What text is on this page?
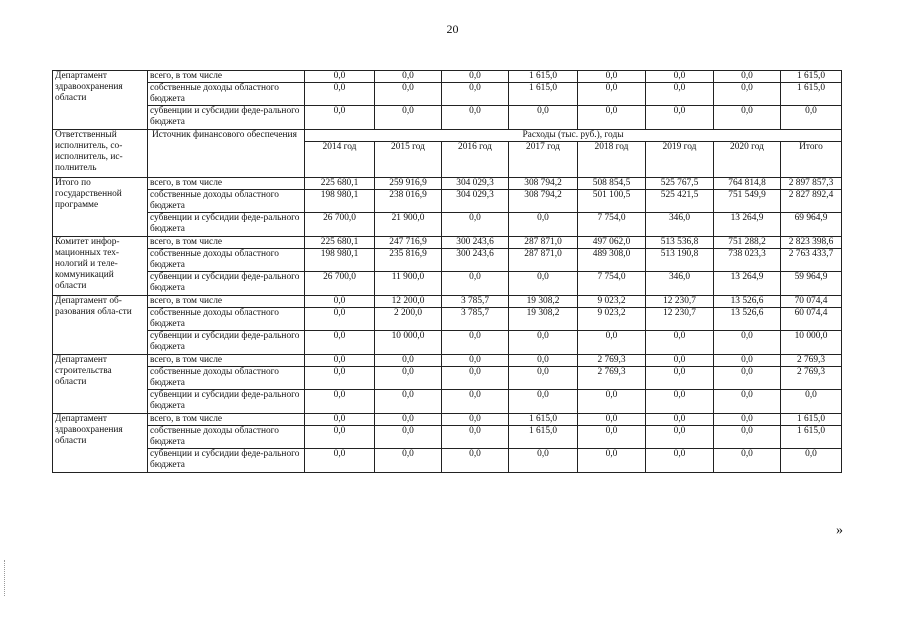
20
Департамент здравоохранения области	всего, в том числе	0,0	0,0	0,0	1 615,0	0,0	0,0	0,0	1 615,0
	собственные доходы областного бюджета	0,0	0,0	0,0	1 615,0	0,0	0,0	0,0	1 615,0
	субвенции и субсидии феде-рального бюджета	0,0	0,0	0,0	0,0	0,0	0,0	0,0	0,0
Ответственный исполнитель, со-исполнитель, ис-полнитель	Источник финансового обеспечения	Расходы (тыс. руб.), годы							
		2014 год	2015 год	2016 год	2017 год	2018 год	2019 год	2020 год	Итого
Итого по государственной программе	всего, в том числе	225 680,1	259 916,9	304 029,3	308 794,2	508 854,5	525 767,5	764 814,8	2 897 857,3
	собственные доходы областного бюджета	198 980,1	238 016,9	304 029,3	308 794,2	501 100,5	525 421,5	751 549,9	2 827 892,4
	субвенции и субсидии феде-рального бюджета	26 700,0	21 900,0	0,0	0,0	7 754,0	346,0	13 264,9	69 964,9
Комитет инфор-мационных тех-нологий и теле-коммуникаций области	всего, в том числе	225 680,1	247 716,9	300 243,6	287 871,0	497 062,0	513 536,8	751 288,2	2 823 398,6
	собственные доходы областного бюджета	198 980,1	235 816,9	300 243,6	287 871,0	489 308,0	513 190,8	738 023,3	2 763 433,7
	субвенции и субсидии феде-рального бюджета	26 700,0	11 900,0	0,0	0,0	7 754,0	346,0	13 264,9	59 964,9
Департамент об-разования обла-сти	всего, в том числе	0,0	12 200,0	3 785,7	19 308,2	9 023,2	12 230,7	13 526,6	70 074,4
	собственные доходы областного бюджета	0,0	2 200,0	3 785,7	19 308,2	9 023,2	12 230,7	13 526,6	60 074,4
	субвенции и субсидии феде-рального бюджета	0,0	10 000,0	0,0	0,0	0,0	0,0	0,0	10 000,0
Департамент строительства области	всего, в том числе	0,0	0,0	0,0	0,0	2 769,3	0,0	0,0	2 769,3
	собственные доходы областного бюджета	0,0	0,0	0,0	0,0	2 769,3	0,0	0,0	2 769,3
	субвенции и субсидии феде-рального бюджета	0,0	0,0	0,0	0,0	0,0	0,0	0,0	0,0
Департамент здравоохранения области	всего, в том числе	0,0	0,0	0,0	1 615,0	0,0	0,0	0,0	1 615,0
	собственные доходы областного бюджета	0,0	0,0	0,0	1 615,0	0,0	0,0	0,0	1 615,0
	субвенции и субсидии феде-рального бюджета	0,0	0,0	0,0	0,0	0,0	0,0	0,0	0,0
»
